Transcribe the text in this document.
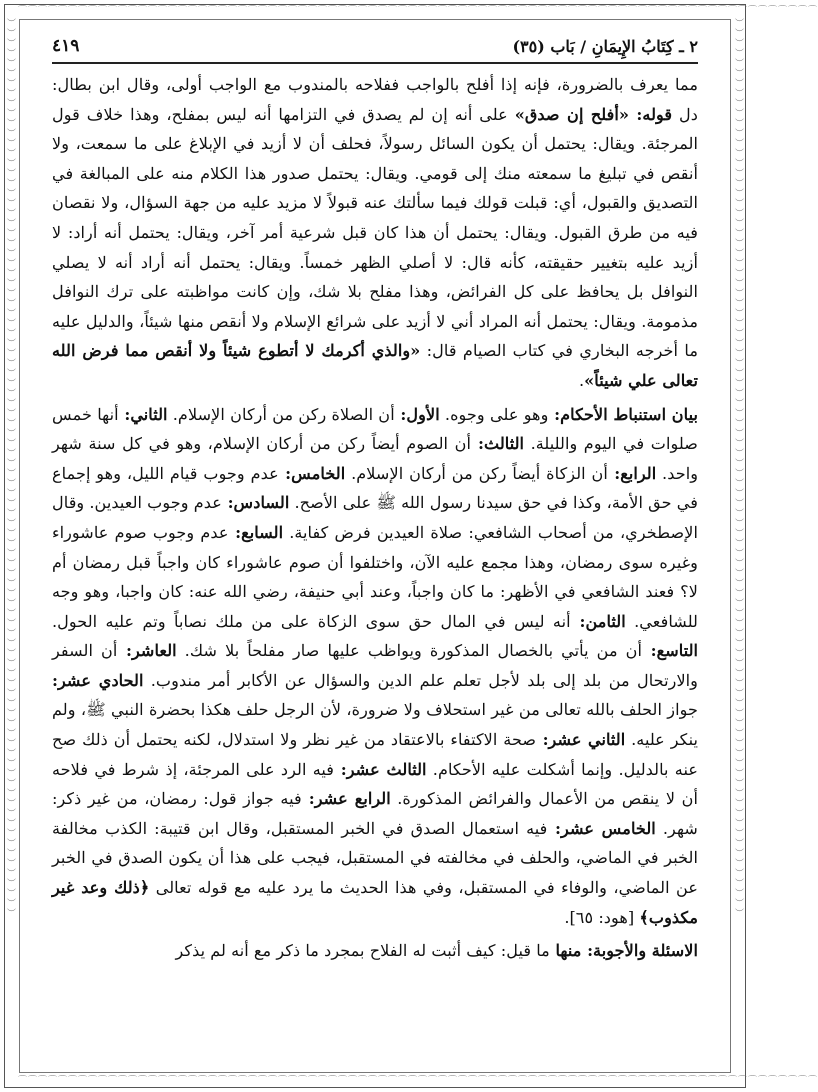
⌒⌒⌒⌒⌒⌒⌒⌒⌒⌒⌒⌒⌒⌒⌒⌒⌒⌒⌒⌒⌒⌒⌒⌒⌒⌒⌒⌒⌒⌒⌒⌒⌒⌒⌒⌒⌒⌒⌒⌒⌒⌒⌒⌒⌒⌒⌒⌒⌒⌒⌒⌒⌒⌒⌒⌒⌒⌒⌒⌒⌒⌒⌒⌒⌒⌒⌒⌒⌒⌒⌒⌒⌒⌒⌒⌒⌒⌒⌒⌒
⌒⌒⌒⌒⌒⌒⌒⌒⌒⌒⌒⌒⌒⌒⌒⌒⌒⌒⌒⌒⌒⌒⌒⌒⌒⌒⌒⌒⌒⌒⌒⌒⌒⌒⌒⌒⌒⌒⌒⌒⌒⌒⌒⌒⌒⌒⌒⌒⌒⌒⌒⌒⌒⌒⌒⌒⌒⌒⌒⌒⌒⌒⌒⌒⌒⌒⌒⌒⌒⌒⌒⌒⌒⌒⌒⌒⌒⌒⌒⌒
︶︶︶︶︶︶︶︶︶︶︶︶︶︶︶︶︶︶︶︶︶︶︶︶︶︶︶︶︶︶︶︶︶︶︶︶︶︶︶︶︶︶︶︶︶︶︶︶︶︶︶︶︶︶︶︶︶︶︶︶︶︶︶︶︶︶︶︶︶︶︶︶︶︶︶︶︶︶︶︶︶︶︶︶︶︶︶︶︶︶	︶︶︶︶︶︶︶︶︶︶︶︶︶︶︶︶︶︶︶︶︶︶︶︶︶︶︶︶︶︶︶︶︶︶︶︶︶︶︶︶︶︶︶︶︶︶︶︶︶︶︶︶︶︶︶︶︶︶︶︶︶︶︶︶︶︶︶︶︶︶︶︶︶︶︶︶︶︶︶︶︶︶︶︶︶︶︶︶︶︶
٢ ـ كِتَابُ الإِيمَانِ / بَاب (٣٥)
٤١٩

مما يعرف بالضرورة، فإنه إذا أفلح بالواجب ففلاحه بالمندوب مع الواجب أولى، وقال ابن بطال: دل قوله: «أفلح إن صدق» على أنه إن لم يصدق في التزامها أنه ليس بمفلح، وهذا خلاف قول المرجئة. ويقال: يحتمل أن يكون السائل رسولاً، فحلف أن لا أزيد في الإبلاغ على ما سمعت، ولا أنقص في تبليغ ما سمعته منك إلى قومي. ويقال: يحتمل صدور هذا الكلام منه على المبالغة في التصديق والقبول، أي: قبلت قولك فيما سألتك عنه قبولاً لا مزيد عليه من جهة السؤال، ولا نقصان فيه من طرق القبول. ويقال: يحتمل أن هذا كان قبل شرعية أمر آخر، ويقال: يحتمل أنه أراد: لا أزيد عليه بتغيير حقيقته، كأنه قال: لا أصلي الظهر خمساً. ويقال: يحتمل أنه أراد أنه لا يصلي النوافل بل يحافظ على كل الفرائض، وهذا مفلح بلا شك، وإن كانت مواظبته على ترك النوافل مذمومة. ويقال: يحتمل أنه المراد أني لا أزيد على شرائع الإسلام ولا أنقص منها شيئاً، والدليل عليه ما أخرجه البخاري في كتاب الصيام قال: «والذي أكرمك لا أتطوع شيئاً ولا أنقص مما فرض الله تعالى علي شيئاً».

بيان استنباط الأحكام: وهو على وجوه. الأول: أن الصلاة ركن من أركان الإسلام. الثاني: أنها خمس صلوات في اليوم والليلة. الثالث: أن الصوم أيضاً ركن من أركان الإسلام، وهو في كل سنة شهر واحد. الرابع: أن الزكاة أيضاً ركن من أركان الإسلام. الخامس: عدم وجوب قيام الليل، وهو إجماع في حق الأمة، وكذا في حق سيدنا رسول الله ﷺ على الأصح. السادس: عدم وجوب العيدين. وقال الإصطخري، من أصحاب الشافعي: صلاة العيدين فرض كفاية. السابع: عدم وجوب صوم عاشوراء وغيره سوى رمضان، وهذا مجمع عليه الآن، واختلفوا أن صوم عاشوراء كان واجباً قبل رمضان أم لا؟ فعند الشافعي في الأظهر: ما كان واجباً، وعند أبي حنيفة، رضي الله عنه: كان واجبا، وهو وجه للشافعي. الثامن: أنه ليس في المال حق سوى الزكاة على من ملك نصاباً وتم عليه الحول. التاسع: أن من يأتي بالخصال المذكورة ويواظب عليها صار مفلحاً بلا شك. العاشر: أن السفر والارتحال من بلد إلى بلد لأجل تعلم علم الدين والسؤال عن الأكابر أمر مندوب. الحادي عشر: جواز الحلف بالله تعالى من غير استحلاف ولا ضرورة، لأن الرجل حلف هكذا بحضرة النبي ﷺ، ولم ينكر عليه. الثاني عشر: صحة الاكتفاء بالاعتقاد من غير نظر ولا استدلال، لكنه يحتمل أن ذلك صح عنه بالدليل. وإنما أشكلت عليه الأحكام. الثالث عشر: فيه الرد على المرجئة، إذ شرط في فلاحه أن لا ينقص من الأعمال والفرائض المذكورة. الرابع عشر: فيه جواز قول: رمضان، من غير ذكر: شهر. الخامس عشر: فيه استعمال الصدق في الخبر المستقبل، وقال ابن قتيبة: الكذب مخالفة الخبر في الماضي، والحلف في مخالفته في المستقبل، فيجب على هذا أن يكون الصدق في الخبر عن الماضي، والوفاء في المستقبل، وفي هذا الحديث ما يرد عليه مع قوله تعالى ﴿ذلك وعد غير مكذوب﴾ [هود: ٦٥].

الاسئلة والأجوبة: منها ما قيل: كيف أثبت له الفلاح بمجرد ما ذكر مع أنه لم يذكر
